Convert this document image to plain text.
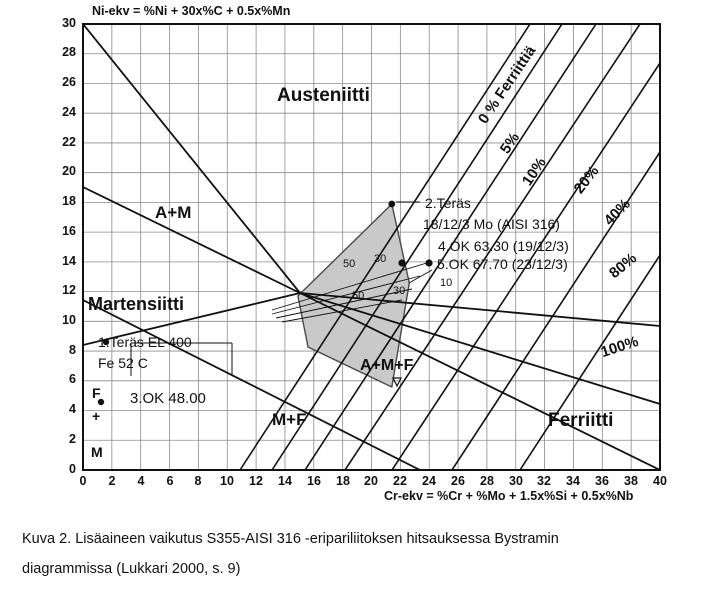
30
28
26
24
22
20
18
16
14
12
10
8
6
4
2
0
0	2	4	6	8	10 12 14 16 18 20 22 24 26 28 30 32 34 36 38 40
Ni-ekv = %Ni + 30x%C + 0.5x%Mn
Cr-ekv = %Cr + %Mo + 1.5x%Si + 0.5x%Nb
Austeniitti
A+M
Martensiitti
A+M+F
M+F	Ferriitti
F
+
M
0 % Ferriittiä
5%
10% 20%
40%
80%
100%
50 30
50	30
10
1.Teräs EL 400
Fe 52 C
2.Teräs
18/12/3 Mo (AISI 316)
3.OK 48.00
4.OK 63.30 (19/12/3)
5.OK 67.70 (23/12/3)
Kuva 2. Lisäaineen vaikutus S355-AISI 316 -eripariliitoksen hitsauksessa Bystramin
diagrammissa (Lukkari 2000, s. 9)
